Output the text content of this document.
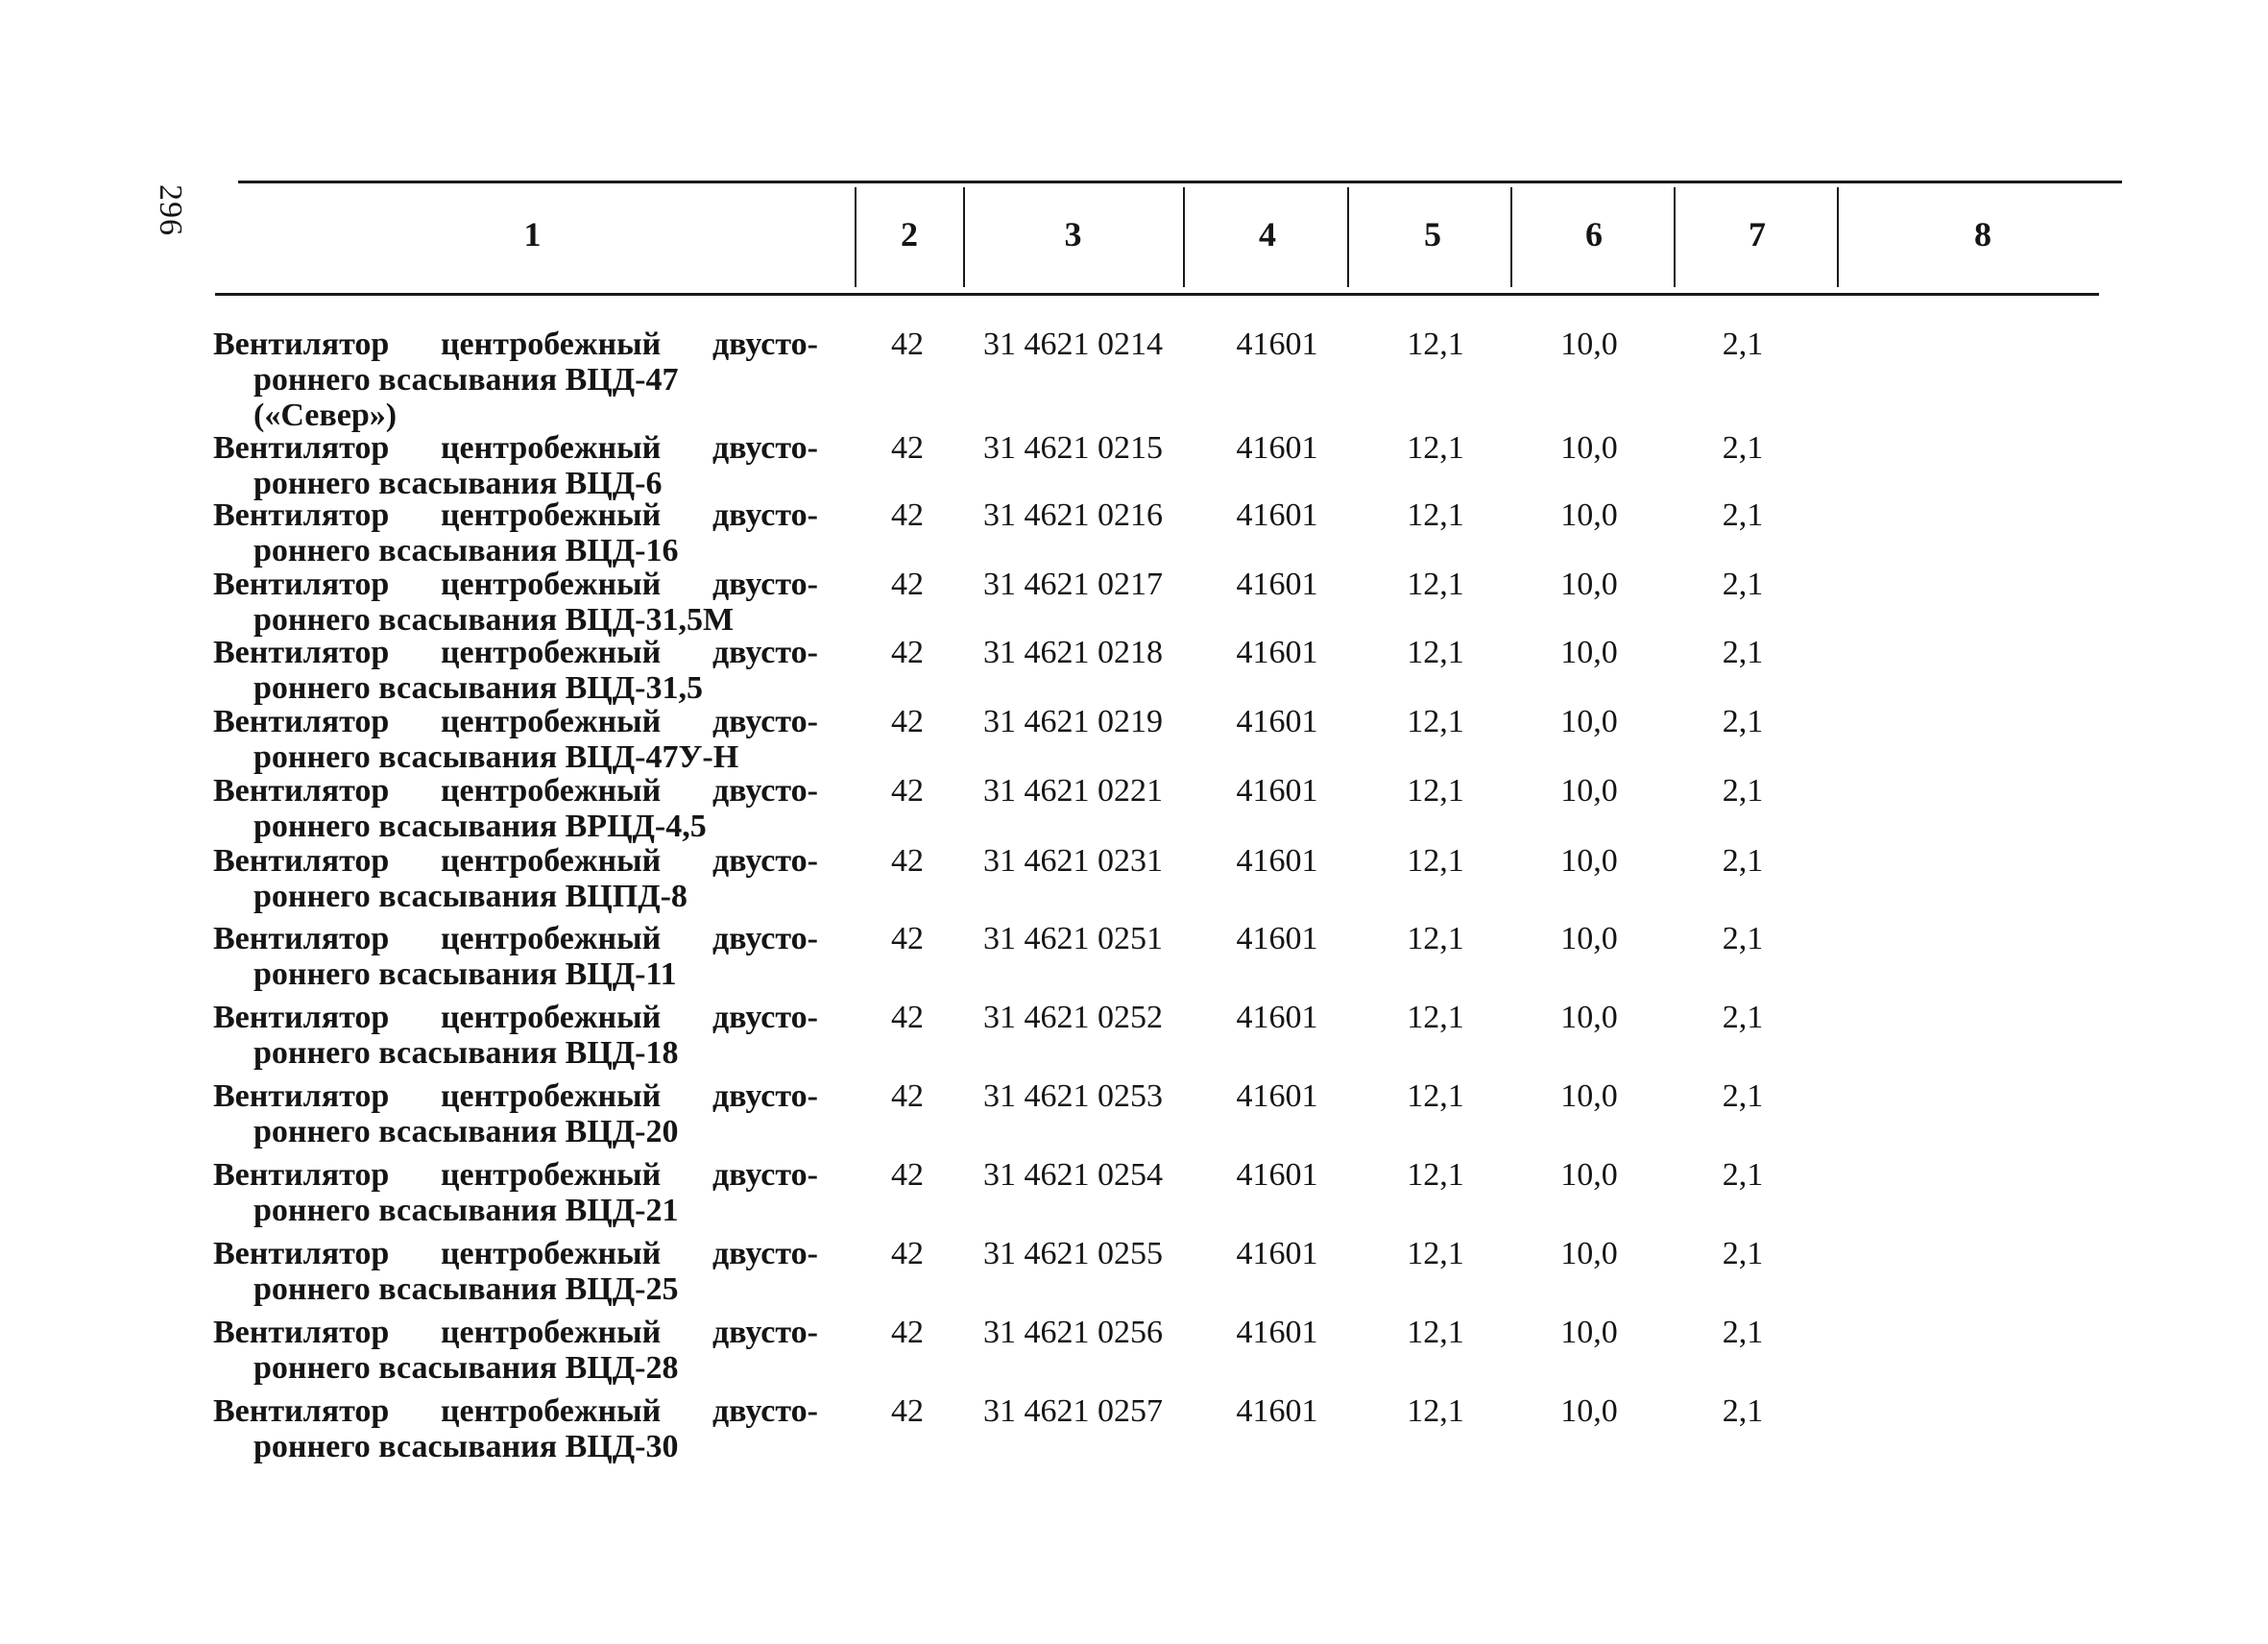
296	1	2	3	4	5	6	7	8
Вентилятор центробежный двусто-
роннего всасывания ВЦД-47
(«Север»)
42	31 4621 0214	41601	12,1	10,0	2,1
Вентилятор центробежный двусто-
роннего всасывания ВЦД-6
42	31 4621 0215	41601	12,1	10,0	2,1
Вентилятор центробежный двусто-
роннего всасывания ВЦД-16
42	31 4621 0216	41601	12,1	10,0	2,1
Вентилятор центробежный двусто-
роннего всасывания ВЦД-31,5М
42	31 4621 0217	41601	12,1	10,0	2,1
Вентилятор центробежный двусто-
роннего всасывания ВЦД-31,5
42	31 4621 0218	41601	12,1	10,0	2,1
Вентилятор центробежный двусто-
роннего всасывания ВЦД-47У-Н
42	31 4621 0219	41601	12,1	10,0	2,1
Вентилятор центробежный двусто-
роннего всасывания ВРЦД-4,5
42	31 4621 0221	41601	12,1	10,0	2,1
Вентилятор центробежный двусто-
роннего всасывания ВЦПД-8
42	31 4621 0231	41601	12,1	10,0	2,1
Вентилятор центробежный двусто-
роннего всасывания ВЦД-11
42	31 4621 0251	41601	12,1	10,0	2,1
Вентилятор центробежный двусто-
роннего всасывания ВЦД-18
42	31 4621 0252	41601	12,1	10,0	2,1
Вентилятор центробежный двусто-
роннего всасывания ВЦД-20
42	31 4621 0253	41601	12,1	10,0	2,1
Вентилятор центробежный двусто-
роннего всасывания ВЦД-21
42	31 4621 0254	41601	12,1	10,0	2,1
Вентилятор центробежный двусто-
роннего всасывания ВЦД-25
42	31 4621 0255	41601	12,1	10,0	2,1
Вентилятор центробежный двусто-
роннего всасывания ВЦД-28
42	31 4621 0256	41601	12,1	10,0	2,1
Вентилятор центробежный двусто-
роннего всасывания ВЦД-30
42	31 4621 0257	41601	12,1	10,0	2,1
